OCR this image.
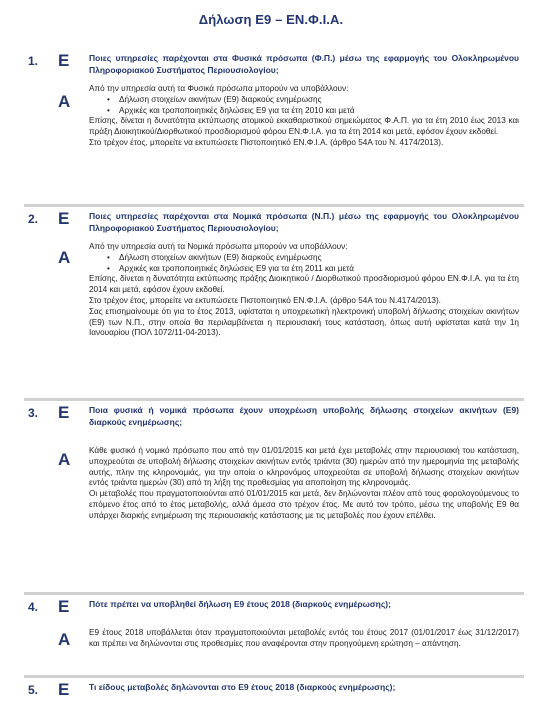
Δήλωση Ε9 – ΕΝ.Φ.Ι.Α.
1. Ε Ποιες υπηρεσίες παρέχονται στα Φυσικά πρόσωπα (Φ.Π.) μέσω της εφαρμογής του Ολοκληρωμένου Πληροφοριακού Συστήματος Περιουσιολογίου;
Α

Από την υπηρεσία αυτή τα Φυσικά πρόσωπα μπορούν να υποβάλλουν:

• Δήλωση στοιχείων ακινήτων (Ε9) διαρκούς ενημέρωσης
• Αρχικές και τροποποιητικές δηλώσεις Ε9 για τα έτη 2010 και μετά

Επίσης, δίνεται η δυνατότητα εκτύπωσης ατομικού εκκαθαριστικού σημειώματος Φ.Α.Π. για τα έτη 2010 έως 2013 και πράξη Διοικητικού/Διορθωτικού προσδιορισμού φόρου ΕΝ.Φ.Ι.Α. για τα έτη 2014 και μετά, εφόσον έχουν εκδοθεί.

Στο τρέχον έτος, μπορείτε να εκτυπώσετε Πιστοποιητικό ΕΝ.Φ.Ι.Α. (άρθρο 54Α του Ν. 4174/2013).

2. Ε Ποιες υπηρεσίες παρέχονται στα Νομικά πρόσωπα (Ν.Π.) μέσω της εφαρμογής του Ολοκληρωμένου Πληροφοριακού Συστήματος Περιουσιολογίου;
Α

Από την υπηρεσία αυτή τα Νομικά πρόσωπα μπορούν να υποβάλλουν:

• Δήλωση στοιχείων ακινήτων (Ε9) διαρκούς ενημέρωσης
• Αρχικές και τροποποιητικές δηλώσεις Ε9 για τα έτη 2011 και μετά

Επίσης, δίνεται η δυνατότητα εκτύπωσης πράξης Διοικητικού / Διορθωτικού προσδιορισμού φόρου ΕΝ.Φ.Ι.Α. για τα έτη 2014 και μετά, εφόσον έχουν εκδοθεί.

Στο τρέχον έτος, μπορείτε να εκτυπώσετε Πιστοποιητικό ΕΝ.Φ.Ι.Α. (άρθρο 54Α του Ν.4174/2013).

Σας επισημαίνουμε ότι για το έτος 2013, υφίσταται η υποχρεωτική ηλεκτρονική υποβολή δήλωσης στοιχείων ακινήτων (Ε9) των Ν.Π., στην οποία θα περιλαμβάνεται η περιουσιακή τους κατάσταση, όπως αυτή υφίσταται κατά την 1η Ιανουαρίου (ΠΟΛ 1072/11-04-2013).

3. Ε Ποια φυσικά ή νομικά πρόσωπα έχουν υποχρέωση υποβολής δήλωσης στοιχείων ακινήτων (Ε9) διαρκούς ενημέρωσης;
Α Κάθε φυσικό ή νομικό πρόσωπο που από την 01/01/2015 και μετά έχει μεταβολές στην περιουσιακή του κατάσταση, υποχρεούται σε υποβολή δήλωσης στοιχείων ακινήτων εντός τριάντα (30) ημερών από την ημερομηνία της μεταβολής αυτής, πλην της κληρονομιάς, για την οποία ο κληρονόμος υποχρεούται σε υποβολή δήλωσης στοιχείων ακινήτων εντός τριάντα ημερών (30) από τη λήξη της προθεσμίας για αποποίηση της κληρονομιάς.

Οι μεταβολές που πραγματοποιούνται από 01/01/2015 και μετά, δεν δηλώνονται πλέον από τους φορολογούμενους το επόμενο έτος από το έτος μεταβολής, αλλά άμεσα στο τρέχον έτος. Με αυτό τον τρόπο, μέσω της υποβολής Ε9 θα υπάρχει διαρκής ενημέρωση της περιουσιακής κατάστασης με τις μεταβολές που έχουν επέλθει.

4. Ε Πότε πρέπει να υποβληθεί δήλωση Ε9 έτους 2018 (διαρκούς ενημέρωσης);
Α Ε9 έτους 2018 υποβάλλεται όταν πραγματοποιούνται μεταβολές εντός του έτους 2017 (01/01/2017 έως 31/12/2017) και πρέπει να δηλώνονται στις προθεσμίες που αναφέρονται στην προηγούμενη ερώτηση – απάντηση.

5. Ε Τι είδους μεταβολές δηλώνονται στο Ε9 έτους 2018 (διαρκούς ενημέρωσης);
